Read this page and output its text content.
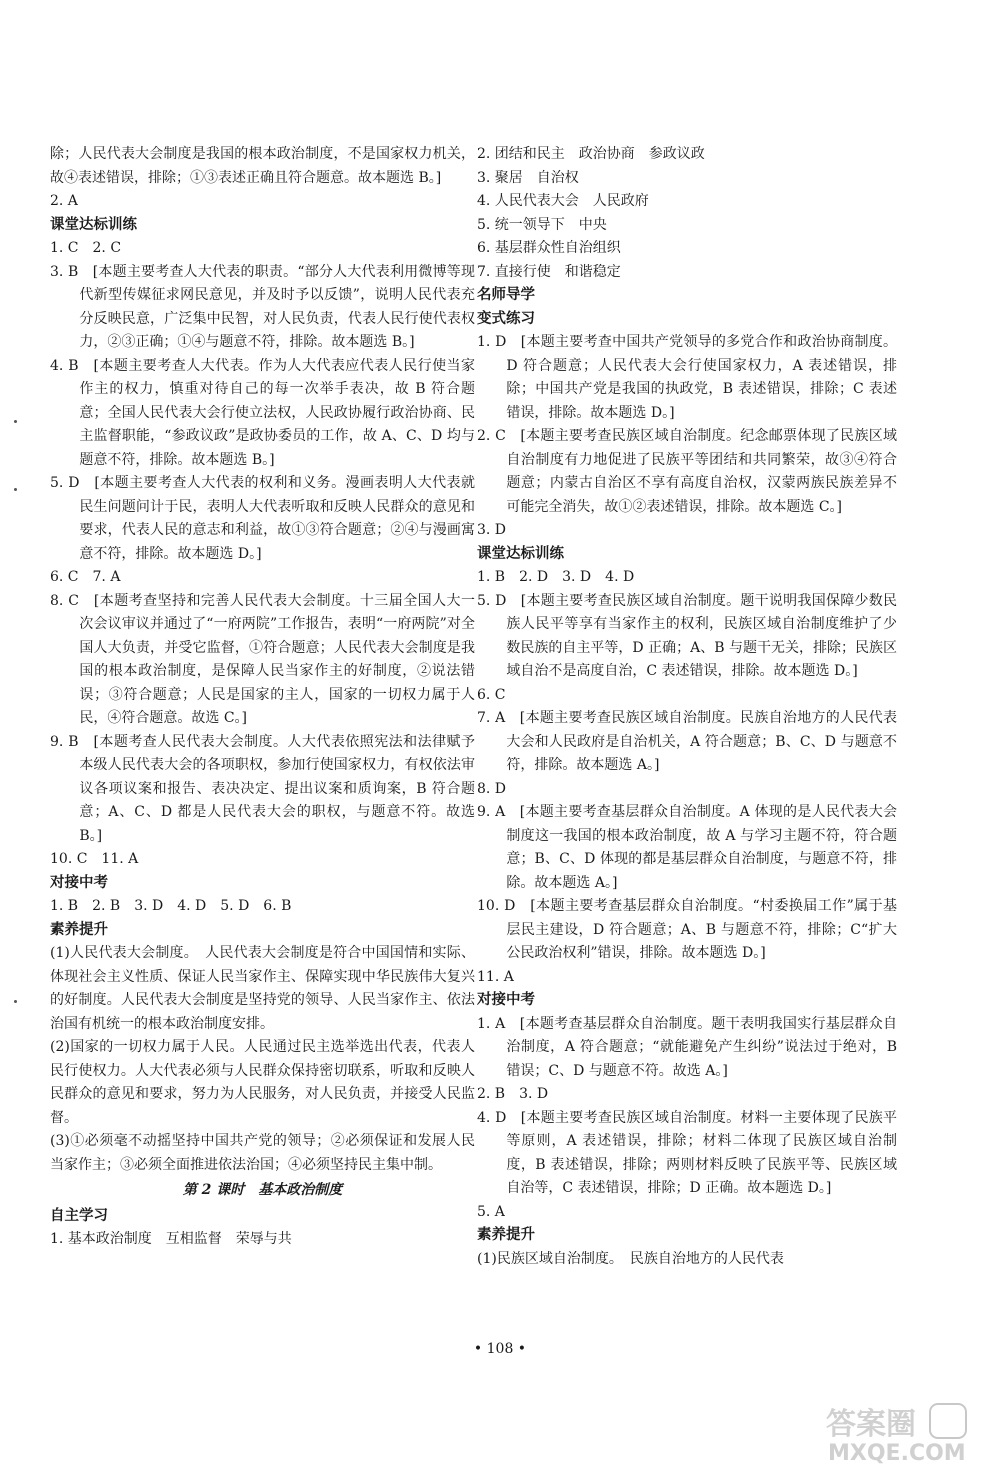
除；人民代表大会制度是我国的根本政治制度，不是国家权力机关，故④表述错误，排除；①③表述正确且符合题意。故本题选 B。]

2. A

课堂达标训练

1. C　2. C

3. B　[本题主要考查人大代表的职责。“部分人大代表利用微博等现代新型传媒征求网民意见，并及时予以反馈”，说明人民代表充分反映民意，广泛集中民智，对人民负责，代表人民行使代表权力，②③正确；①④与题意不符，排除。故本题选 B。]

4. B　[本题主要考查人大代表。作为人大代表应代表人民行使当家作主的权力，慎重对待自己的每一次举手表决，故 B 符合题意；全国人民代表大会行使立法权，人民政协履行政治协商、民主监督职能，“参政议政”是政协委员的工作，故 A、C、D 均与题意不符，排除。故本题选 B。]

5. D　[本题主要考查人大代表的权利和义务。漫画表明人大代表就民生问题问计于民，表明人大代表听取和反映人民群众的意见和要求，代表人民的意志和利益，故①③符合题意；②④与漫画寓意不符，排除。故本题选 D。]

6. C　7. A

8. C　[本题考查坚持和完善人民代表大会制度。十三届全国人大一次会议审议并通过了“一府两院”工作报告，表明“一府两院”对全国人大负责，并受它监督，①符合题意；人民代表大会制度是我国的根本政治制度，是保障人民当家作主的好制度，②说法错误；③符合题意；人民是国家的主人，国家的一切权力属于人民，④符合题意。故选 C。]

9. B　[本题考查人民代表大会制度。人大代表依照宪法和法律赋予本级人民代表大会的各项职权，参加行使国家权力，有权依法审议各项议案和报告、表决决定、提出议案和质询案，B 符合题意；A、C、D 都是人民代表大会的职权，与题意不符。故选 B。]

10. C　11. A

对接中考

1. B　2. B　3. D　4. D　5. D　6. B

素养提升

(1)人民代表大会制度。　人民代表大会制度是符合中国国情和实际、体现社会主义性质、保证人民当家作主、保障实现中华民族伟大复兴的好制度。人民代表大会制度是坚持党的领导、人民当家作主、依法治国有机统一的根本政治制度安排。

(2)国家的一切权力属于人民。人民通过民主选举选出代表，代表人民行使权力。人大代表必须与人民群众保持密切联系，听取和反映人民群众的意见和要求，努力为人民服务，对人民负责，并接受人民监督。

(3)①必须毫不动摇坚持中国共产党的领导；②必须保证和发展人民当家作主；③必须全面推进依法治国；④必须坚持民主集中制。

第 2 课时　基本政治制度

自主学习

1. 基本政治制度　互相监督　荣辱与共

2. 团结和民主　政治协商　参政议政

3. 聚居　自治权

4. 人民代表大会　人民政府

5. 统一领导下　中央

6. 基层群众性自治组织

7. 直接行使　和谐稳定

名师导学

变式练习

1. D　[本题主要考查中国共产党领导的多党合作和政治协商制度。D 符合题意；人民代表大会行使国家权力，A 表述错误，排除；中国共产党是我国的执政党，B 表述错误，排除；C 表述错误，排除。故本题选 D。]

2. C　[本题主要考查民族区域自治制度。纪念邮票体现了民族区域自治制度有力地促进了民族平等团结和共同繁荣，故③④符合题意；内蒙古自治区不享有高度自治权，汉蒙两族民族差异不可能完全消失，故①②表述错误，排除。故本题选 C。]

3. D

课堂达标训练

1. B　2. D　3. D　4. D

5. D　[本题主要考查民族区域自治制度。题干说明我国保障少数民族人民平等享有当家作主的权利，民族区域自治制度维护了少数民族的自主平等，D 正确；A、B 与题干无关，排除；民族区域自治不是高度自治，C 表述错误，排除。故本题选 D。]

6. C

7. A　[本题主要考查民族区域自治制度。民族自治地方的人民代表大会和人民政府是自治机关，A 符合题意；B、C、D 与题意不符，排除。故本题选 A。]

8. D

9. A　[本题主要考查基层群众自治制度。A 体现的是人民代表大会制度这一我国的根本政治制度，故 A 与学习主题不符，符合题意；B、C、D 体现的都是基层群众自治制度，与题意不符，排除。故本题选 A。]

10. D　[本题主要考查基层群众自治制度。“村委换届工作”属于基层民主建设，D 符合题意；A、B 与题意不符，排除；C“扩大公民政治权利”错误，排除。故本题选 D。]

11. A

对接中考

1. A　[本题考查基层群众自治制度。题干表明我国实行基层群众自治制度，A 符合题意；“就能避免产生纠纷”说法过于绝对，B 错误；C、D 与题意不符。故选 A。]

2. B　3. D

4. D　[本题主要考查民族区域自治制度。材料一主要体现了民族平等原则，A 表述错误，排除；材料二体现了民族区域自治制度，B 表述错误，排除；两则材料反映了民族平等、民族区域自治等，C 表述错误，排除；D 正确。故本题选 D。]

5. A

素养提升

(1)民族区域自治制度。　民族自治地方的人民代表

• 108 •
答案圈
MXQE.COM
